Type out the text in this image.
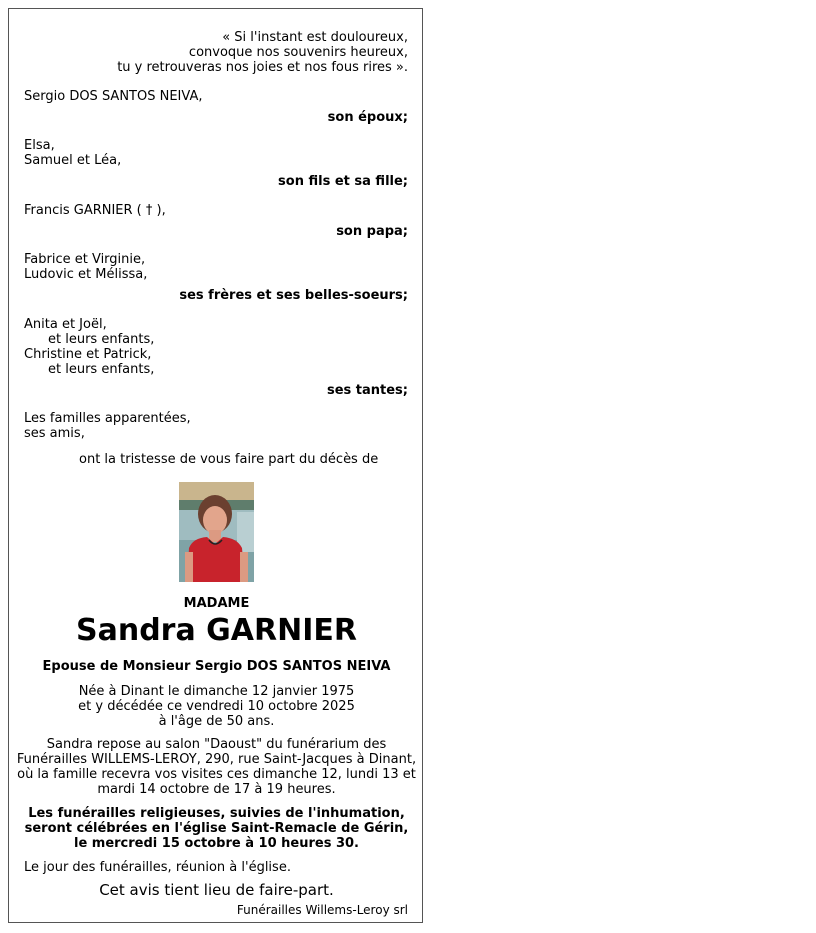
« Si l'instant est douloureux,
convoque nos souvenirs heureux,
tu y retrouveras nos joies et nos fous rires ».
Sergio DOS SANTOS NEIVA,
son époux;
Elsa,
Samuel et Léa,
son fils et sa fille;
Francis GARNIER ( † ),
son papa;
Fabrice et Virginie,
Ludovic et Mélissa,
ses frères et ses belles-soeurs;
Anita et Joël,
et leurs enfants,
Christine et Patrick,
et leurs enfants,
ses tantes;
Les familles apparentées,
ses amis,
ont la tristesse de vous faire part du décès de
MADAME
Sandra GARNIER
Epouse de Monsieur Sergio DOS SANTOS NEIVA
Née à Dinant le dimanche 12 janvier 1975
et y décédée ce vendredi 10 octobre 2025
à l'âge de 50 ans.
Sandra repose au salon "Daoust" du funérarium des
Funérailles WILLEMS-LEROY, 290, rue Saint-Jacques à Dinant,
où la famille recevra vos visites ces dimanche 12, lundi 13 et
mardi 14 octobre de 17 à 19 heures.
Les funérailles religieuses, suivies de l'inhumation,
seront célébrées en l'église Saint-Remacle de Gérin,
le mercredi 15 octobre à 10 heures 30.
Le jour des funérailles, réunion à l'église.
Cet avis tient lieu de faire-part.
Funérailles Willems-Leroy srl
